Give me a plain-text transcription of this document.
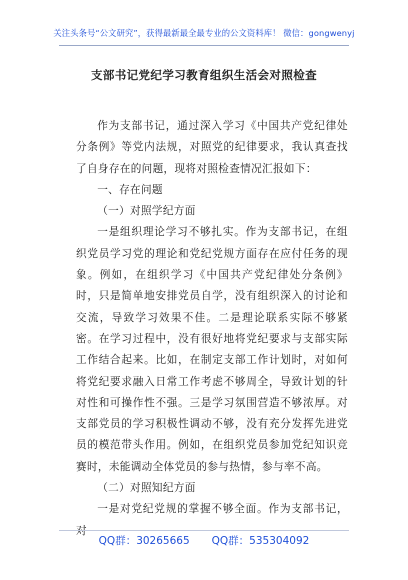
关注头条号“公文研究”，获得最新最全最专业的公文资料库！ 微信：gongwenyj
支部书记党纪学习教育组织生活会对照检查

作为支部书记，通过深入学习《中国共产党纪律处分条例》等党内法规，对照党的纪律要求，我认真查找了自身存在的问题，现将对照检查情况汇报如下：

一、存在问题

（一）对照学纪方面

一是组织理论学习不够扎实。作为支部书记，在组织党员学习党的理论和党纪党规方面存在应付任务的现象。例如，在组织学习《中国共产党纪律处分条例》时，只是简单地安排党员自学，没有组织深入的讨论和交流，导致学习效果不佳。二是理论联系实际不够紧密。在学习过程中，没有很好地将党纪要求与支部实际工作结合起来。比如，在制定支部工作计划时，对如何将党纪要求融入日常工作考虑不够周全，导致计划的针对性和可操作性不强。三是学习氛围营造不够浓厚。对支部党员的学习积极性调动不够，没有充分发挥先进党员的模范带头作用。例如，在组织党员参加党纪知识竞赛时，未能调动全体党员的参与热情，参与率不高。

（二）对照知纪方面

一是对党纪党规的掌握不够全面。作为支部书记，对

QQ群：30265665 QQ群：535304092
